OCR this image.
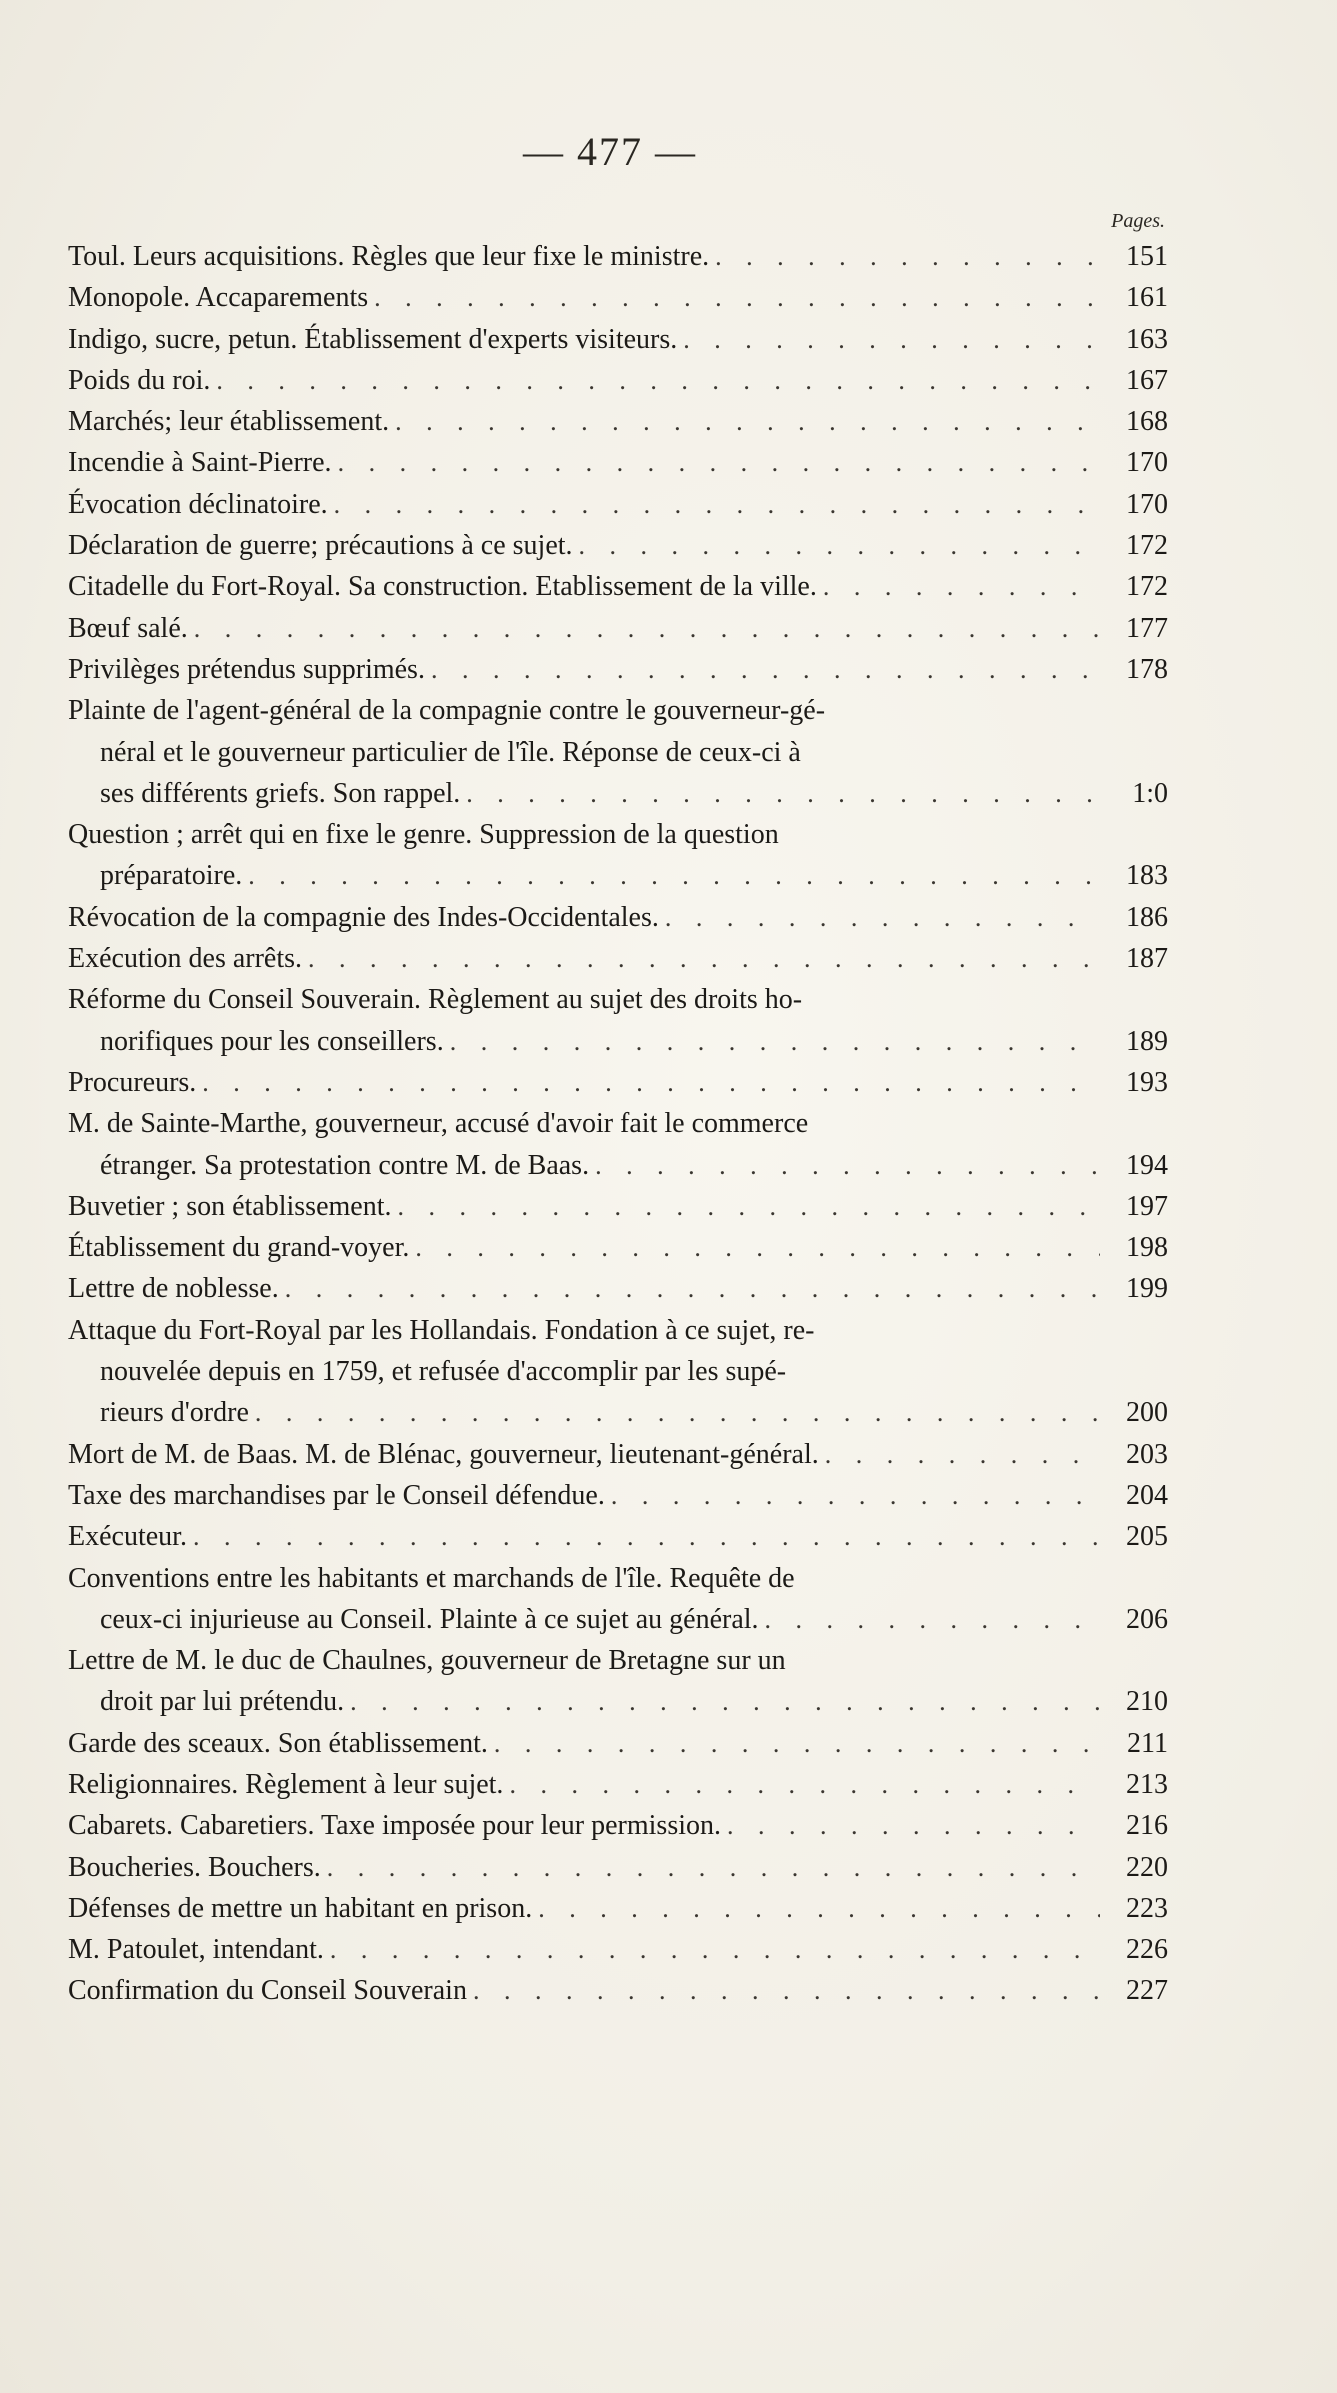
— 477 —
Pages.
Toul. Leurs acquisitions. Règles que leur fixe le ministre. . . .	151
Monopole. Accaparements . . .	161
Indigo, sucre, petun. Établissement d'experts visiteurs. . . .	163
Poids du roi. . . .	167
Marchés; leur établissement. . . .	168
Incendie à Saint-Pierre. . . .	170
Évocation déclinatoire. . . .	170
Déclaration de guerre; précautions à ce sujet. . . .	172
Citadelle du Fort-Royal. Sa construction. Etablissement de la ville. . . .	172
Bœuf salé. . . .	177
Privilèges prétendus supprimés. . . .	178
Plainte de l'agent-général de la compagnie contre le gouverneur-gé-
néral et le gouverneur particulier de l'île. Réponse de ceux-ci à
ses différents griefs. Son rappel. . . .	1:0
Question ; arrêt qui en fixe le genre. Suppression de la question
préparatoire. . . .	183
Révocation de la compagnie des Indes-Occidentales. . . .	186
Exécution des arrêts. . . .	187
Réforme du Conseil Souverain. Règlement au sujet des droits ho-
norifiques pour les conseillers. . . .	189
Procureurs. . . .	193
M. de Sainte-Marthe, gouverneur, accusé d'avoir fait le commerce
étranger. Sa protestation contre M. de Baas. . . .	194
Buvetier ; son établissement. . . .	197
Établissement du grand-voyer. . . .	198
Lettre de noblesse. . . .	199
Attaque du Fort-Royal par les Hollandais. Fondation à ce sujet, re-
nouvelée depuis en 1759, et refusée d'accomplir par les supé-
rieurs d'ordre . . .	200
Mort de M. de Baas. M. de Blénac, gouverneur, lieutenant-général. . . .	203
Taxe des marchandises par le Conseil défendue. . . .	204
Exécuteur. . . .	205
Conventions entre les habitants et marchands de l'île. Requête de
ceux-ci injurieuse au Conseil. Plainte à ce sujet au général. . . .	206
Lettre de M. le duc de Chaulnes, gouverneur de Bretagne sur un
droit par lui prétendu. . . .	210
Garde des sceaux. Son établissement. . . .	211
Religionnaires. Règlement à leur sujet. . . .	213
Cabarets. Cabaretiers. Taxe imposée pour leur permission. . . .	216
Boucheries. Bouchers. . . .	220
Défenses de mettre un habitant en prison. . . .	223
M. Patoulet, intendant. . . .	226
Confirmation du Conseil Souverain . . .	227
